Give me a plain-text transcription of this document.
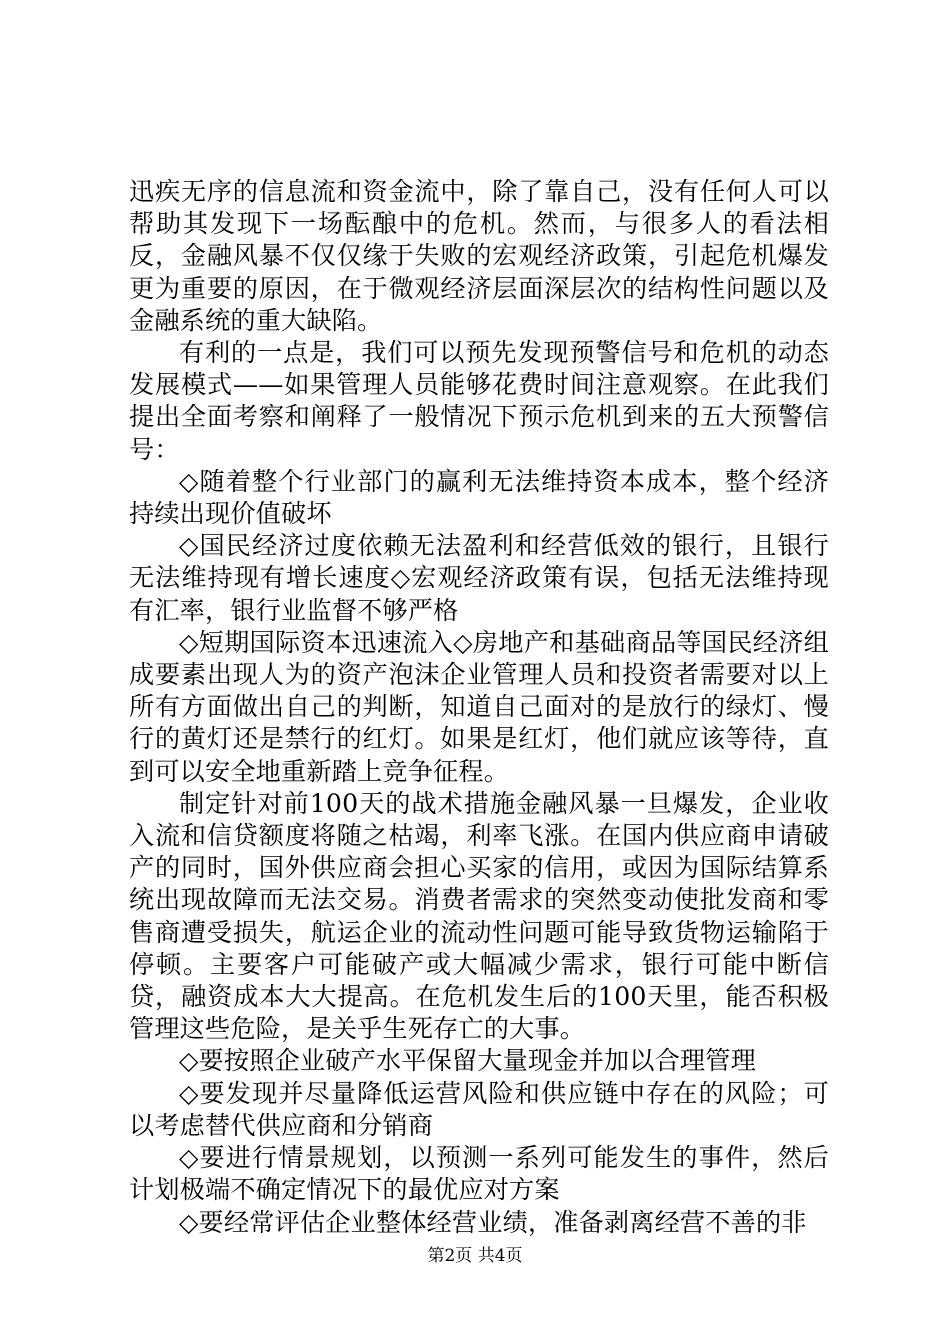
迅疾无序的信息流和资金流中，除了靠自己，没有任何人可以帮助其发现下一场酝酿中的危机。然而，与很多人的看法相反，金融风暴不仅仅缘于失败的宏观经济政策，引起危机爆发更为重要的原因，在于微观经济层面深层次的结构性问题以及金融系统的重大缺陷。

有利的一点是，我们可以预先发现预警信号和危机的动态发展模式——如果管理人员能够花费时间注意观察。在此我们提出全面考察和阐释了一般情况下预示危机到来的五大预警信号：

◇随着整个行业部门的赢利无法维持资本成本，整个经济持续出现价值破坏

◇国民经济过度依赖无法盈利和经营低效的银行，且银行无法维持现有增长速度◇宏观经济政策有误，包括无法维持现有汇率，银行业监督不够严格

◇短期国际资本迅速流入◇房地产和基础商品等国民经济组成要素出现人为的资产泡沫企业管理人员和投资者需要对以上所有方面做出自己的判断，知道自己面对的是放行的绿灯、慢行的黄灯还是禁行的红灯。如果是红灯，他们就应该等待，直到可以安全地重新踏上竞争征程。

制定针对前100天的战术措施金融风暴一旦爆发，企业收入流和信贷额度将随之枯竭，利率飞涨。在国内供应商申请破产的同时，国外供应商会担心买家的信用，或因为国际结算系统出现故障而无法交易。消费者需求的突然变动使批发商和零售商遭受损失，航运企业的流动性问题可能导致货物运输陷于停顿。主要客户可能破产或大幅减少需求，银行可能中断信贷，融资成本大大提高。在危机发生后的100天里，能否积极管理这些危险，是关乎生死存亡的大事。

◇要按照企业破产水平保留大量现金并加以合理管理

◇要发现并尽量降低运营风险和供应链中存在的风险；可以考虑替代供应商和分销商

◇要进行情景规划，以预测一系列可能发生的事件，然后计划极端不确定情况下的最优应对方案

◇要经常评估企业整体经营业绩，准备剥离经营不善的非

第2页 共4页
